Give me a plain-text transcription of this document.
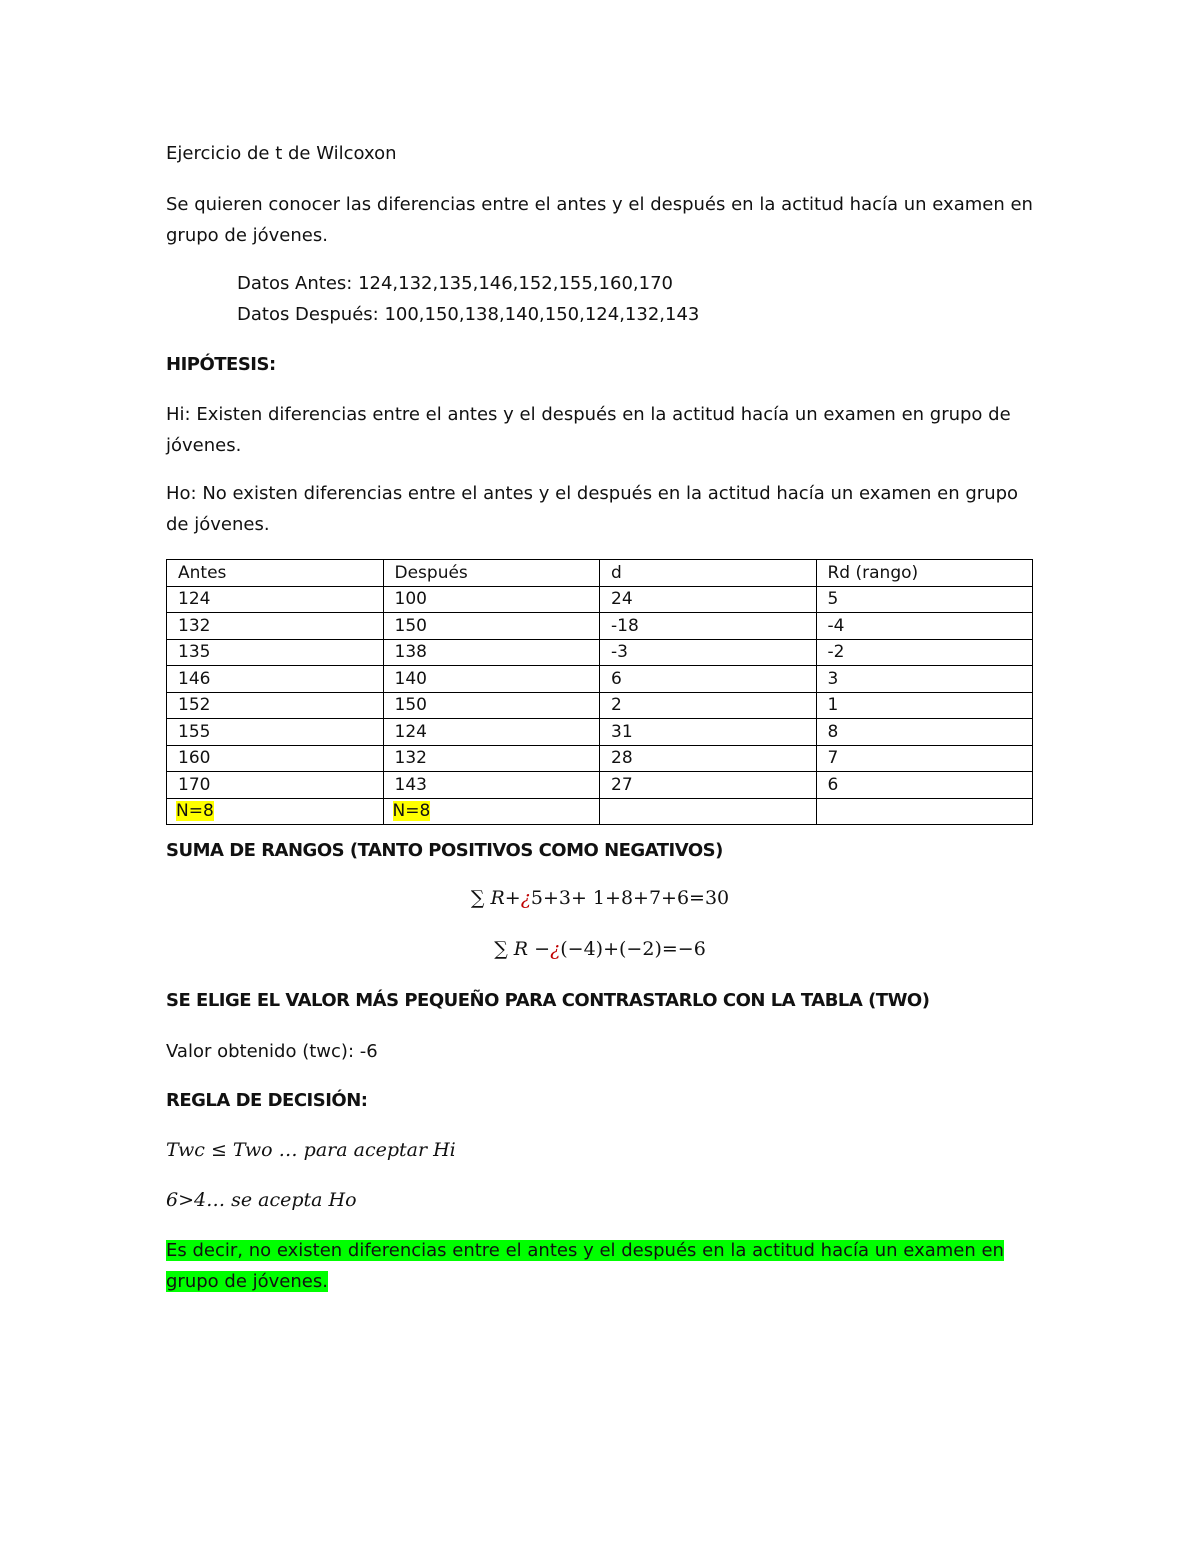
Ejercicio de t de Wilcoxon
Se quieren conocer las diferencias entre el antes y el después en la actitud hacía un examen en grupo de jóvenes.
Datos Antes: 124,132,135,146,152,155,160,170
Datos Después: 100,150,138,140,150,124,132,143
HIPÓTESIS:
Hi: Existen diferencias entre el antes y el después en la actitud hacía un examen en grupo de jóvenes.
Ho: No existen diferencias entre el antes y el después en la actitud hacía un examen en grupo de jóvenes.
Antes	Después	d	Rd (rango)
124	100	24	5
132	150	-18	-4
135	138	-3	-2
146	140	6	3
152	150	2	1
155	124	31	8
160	132	28	7
170	143	27	6
N=8	N=8		
SUMA DE RANGOS (TANTO POSITIVOS COMO NEGATIVOS)
∑ R+¿5+3+ 1+8+7+6=30
∑ R −¿(−4)+(−2)=−6
SE ELIGE EL VALOR MÁS PEQUEÑO PARA CONTRASTARLO CON LA TABLA (TWO)
Valor obtenido (twc): -6
REGLA DE DECISIÓN:
Twc ≤ Two … para aceptar Hi
6>4… se acepta Ho
Es decir, no existen diferencias entre el antes y el después en la actitud hacía un examen en grupo de jóvenes.
